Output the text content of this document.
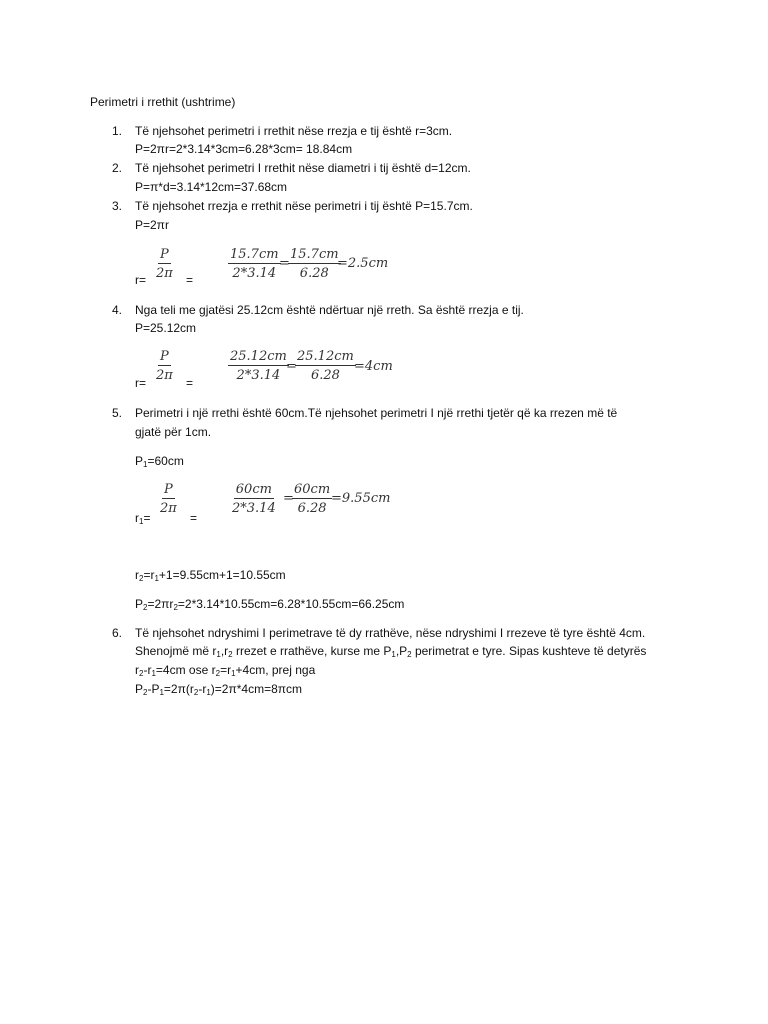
Perimetri i rrethit (ushtrime)
1. Të njehsohet perimetri i rrethit nëse rrezja e tij është r=3cm.
P=2πr=2*3.14*3cm=6.28*3cm= 18.84cm
2. Të njehsohet perimetri I rrethit nëse diametri i tij është d=12cm.
P=π*d=3.14*12cm=37.68cm
3. Të njehsohet rrezja e rrethit nëse perimetri i tij është P=15.7cm.
P=2πr
$r= \frac{P}{2\pi}$ =	$\frac{15.7cm}{2*3.14}$
=
$\frac{15.7cm}{6.28}$
=2.5cm
4. Nga teli me gjatësi 25.12cm është ndërtuar një rreth. Sa është rrezja e tij.
P=25.12cm
r=
$\frac{P}{2\pi}$
=
$\frac{25.12cm}{2*3.14}$
=
$\frac{25.12cm}{6.28}$
=4cm
5. Perimetri i një rrethi është 60cm.Të njehsohet perimetri I një rrethi tjetër që ka rrezen më të
gjatë për 1cm.
$P_1=60cm$
$r_1=$
$\frac{P}{2\pi}$
=
$\frac{60cm}{2*3.14}$ =
$\frac{60cm}{6.28}$
=9.55cm
$r_2=r_1+1=9.55cm+1=10.55cm$
$P_2=2\pi r_2=2*3.14*10.55cm=6.28*10.55cm=66.25cm$
6. Të njehsohet ndryshimi I perimetrave të dy rrathëve, nëse ndryshimi I rrezeve të tyre është 4cm.
Shenojmë më $r_1,r_2$ rrezet e rrathëve, kurse me $P_1,P_2$ perimetrat e tyre. Sipas kushteve të detyrës
$r_2-r_1=4cm$ ose $r_2=r_1+4cm$, prej nga
$P_2-P_1=2\pi(r_2-r_1)=2\pi*4cm=8\pi cm$
